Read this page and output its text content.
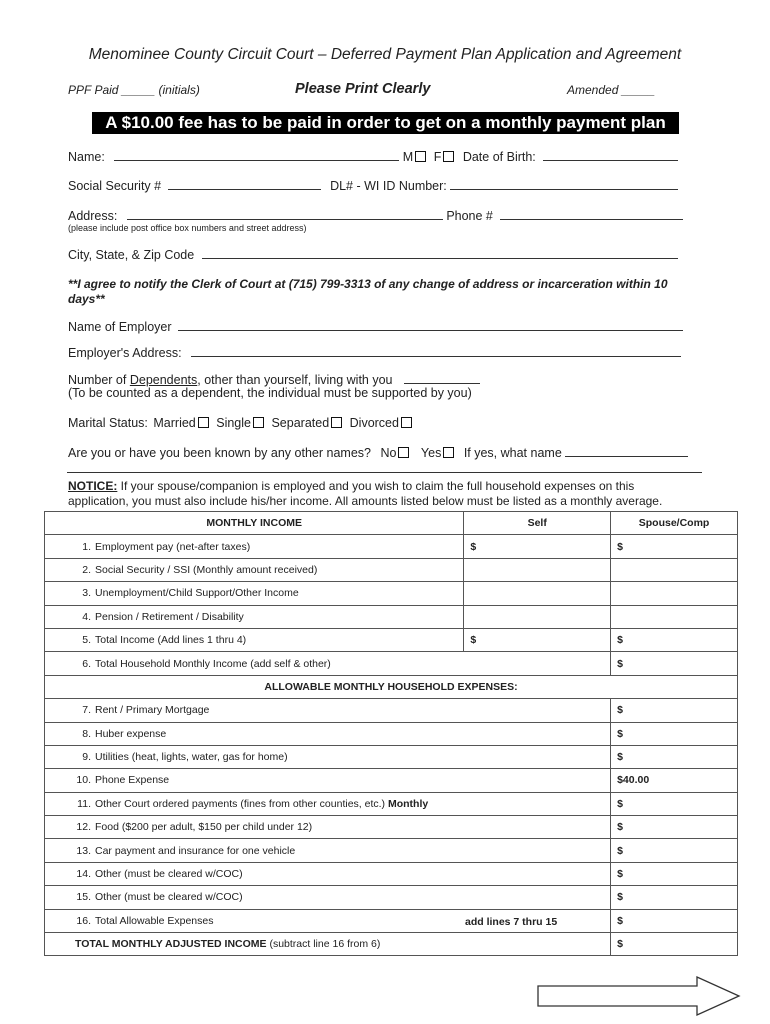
Menominee County Circuit Court – Deferred Payment Plan Application and Agreement
PPF Paid _____ (initials)	Please Print Clearly	Amended _____
A $10.00 fee has to be paid in order to get on a monthly payment plan
Name:	M F Date of Birth:
Social Security #	DL# - WI ID Number:
Address:	Phone #
(please include post office box numbers and street address)
City, State, & Zip Code
**I agree to notify the Clerk of Court at (715) 799-3313 of any change of address or incarceration within 10
days**
Name of Employer
Employer's Address:
Number of Dependents, other than yourself, living with you
(To be counted as a dependent, the individual must be supported by you)
Marital Status: Married Single Separated Divorced
Are you or have you been known by any other names? No Yes If yes, what name
NOTICE: If your spouse/companion is employed and you wish to claim the full household expenses on this
application, you must also include his/her income. All amounts listed below must be listed as a monthly average.
MONTHLY INCOME	Self	Spouse/Comp
1. Employment pay (net-after taxes)	$	$
2. Social Security / SSI (Monthly amount received)		
3. Unemployment/Child Support/Other Income		
4. Pension / Retirement / Disability		
5. Total Income (Add lines 1 thru 4)	$	$
6. Total Household Monthly Income (add self & other)		$
ALLOWABLE MONTHLY HOUSEHOLD EXPENSES:		
7. Rent / Primary Mortgage		$
8. Huber expense		$
9. Utilities (heat, lights, water, gas for home)		$
10. Phone Expense		$40.00
11. Other Court ordered payments (fines from other counties, etc.) Monthly		$
12. Food ($200 per adult, $150 per child under 12)		$
13. Car payment and insurance for one vehicle		$
14. Other (must be cleared w/COC)		$
15. Other (must be cleared w/COC)		$
16. Total Allowable Expenses add lines 7 thru 15		$
TOTAL MONTHLY ADJUSTED INCOME (subtract line 16 from 6)		$
